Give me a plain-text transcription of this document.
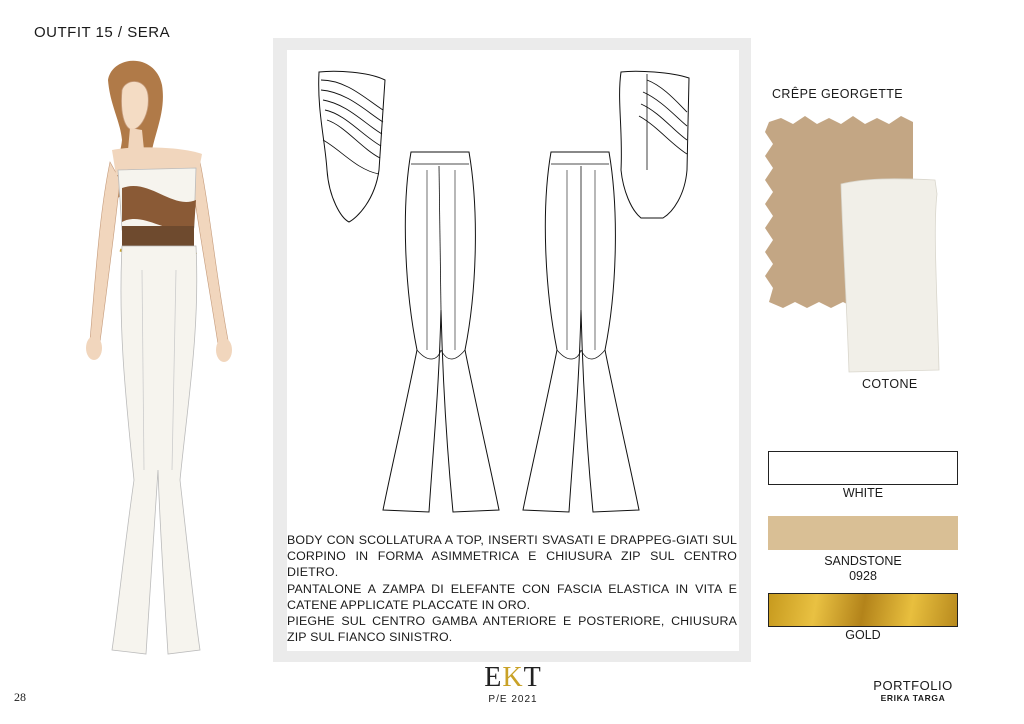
OUTFIT 15 / SERA
28

BODY CON SCOLLATURA A TOP, INSERTI SVASATI E DRAPPEG-GIATI SUL CORPINO IN FORMA ASIMMETRICA E CHIUSURA ZIP SUL CENTRO DIETRO.

PANTALONE A ZAMPA DI ELEFANTE CON FASCIA ELASTICA IN VITA E CATENE APPLICATE PLACCATE IN ORO.

PIEGHE SUL CENTRO GAMBA ANTERIORE E POSTERIORE, CHIUSURA ZIP SUL FIANCO SINISTRO.

CRÊPE GEORGETTE
COTONE
WHITE
SANDSTONE
0928
GOLD
EKT
P/E 2021
PORTFOLIO
ERIKA TARGA
